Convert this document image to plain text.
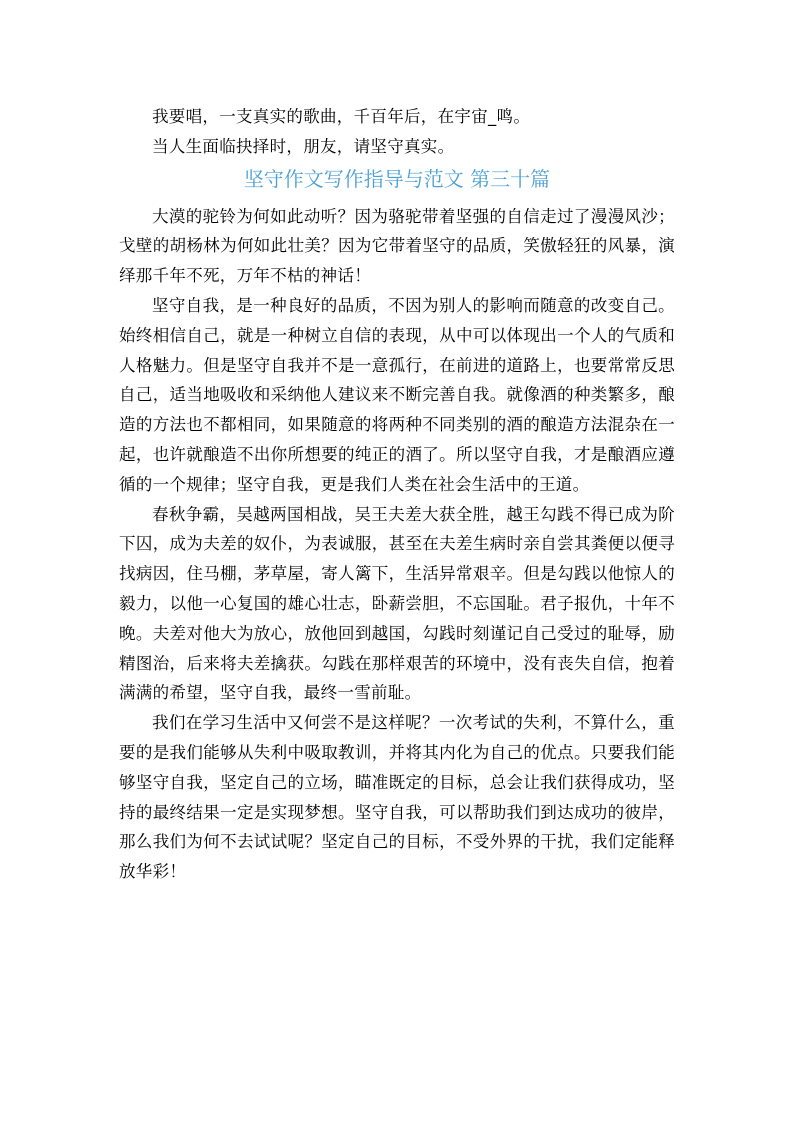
我要唱，一支真实的歌曲，千百年后，在宇宙_鸣。

当人生面临抉择时，朋友，请坚守真实。

坚守作文写作指导与范文 第三十篇

大漠的驼铃为何如此动听？因为骆驼带着坚强的自信走过了漫漫风沙；戈壁的胡杨林为何如此壮美？因为它带着坚守的品质，笑傲轻狂的风暴，演绎那千年不死，万年不枯的神话！

坚守自我，是一种良好的品质，不因为别人的影响而随意的改变自己。始终相信自己，就是一种树立自信的表现，从中可以体现出一个人的气质和人格魅力。但是坚守自我并不是一意孤行，在前进的道路上，也要常常反思自己，适当地吸收和采纳他人建议来不断完善自我。就像酒的种类繁多，酿造的方法也不都相同，如果随意的将两种不同类别的酒的酿造方法混杂在一起，也许就酿造不出你所想要的纯正的酒了。所以坚守自我，才是酿酒应遵循的一个规律；坚守自我，更是我们人类在社会生活中的王道。

春秋争霸，吴越两国相战，吴王夫差大获全胜，越王勾践不得已成为阶下囚，成为夫差的奴仆，为表诚服，甚至在夫差生病时亲自尝其粪便以便寻找病因，住马棚，茅草屋，寄人篱下，生活异常艰辛。但是勾践以他惊人的毅力，以他一心复国的雄心壮志，卧薪尝胆，不忘国耻。君子报仇，十年不晚。夫差对他大为放心，放他回到越国，勾践时刻谨记自己受过的耻辱，励精图治，后来将夫差擒获。勾践在那样艰苦的环境中，没有丧失自信，抱着满满的希望，坚守自我，最终一雪前耻。

我们在学习生活中又何尝不是这样呢？一次考试的失利，不算什么，重要的是我们能够从失利中吸取教训，并将其内化为自己的优点。只要我们能够坚守自我，坚定自己的立场，瞄准既定的目标，总会让我们获得成功，坚持的最终结果一定是实现梦想。坚守自我，可以帮助我们到达成功的彼岸，那么我们为何不去试试呢？坚定自己的目标，不受外界的干扰，我们定能释放华彩！
